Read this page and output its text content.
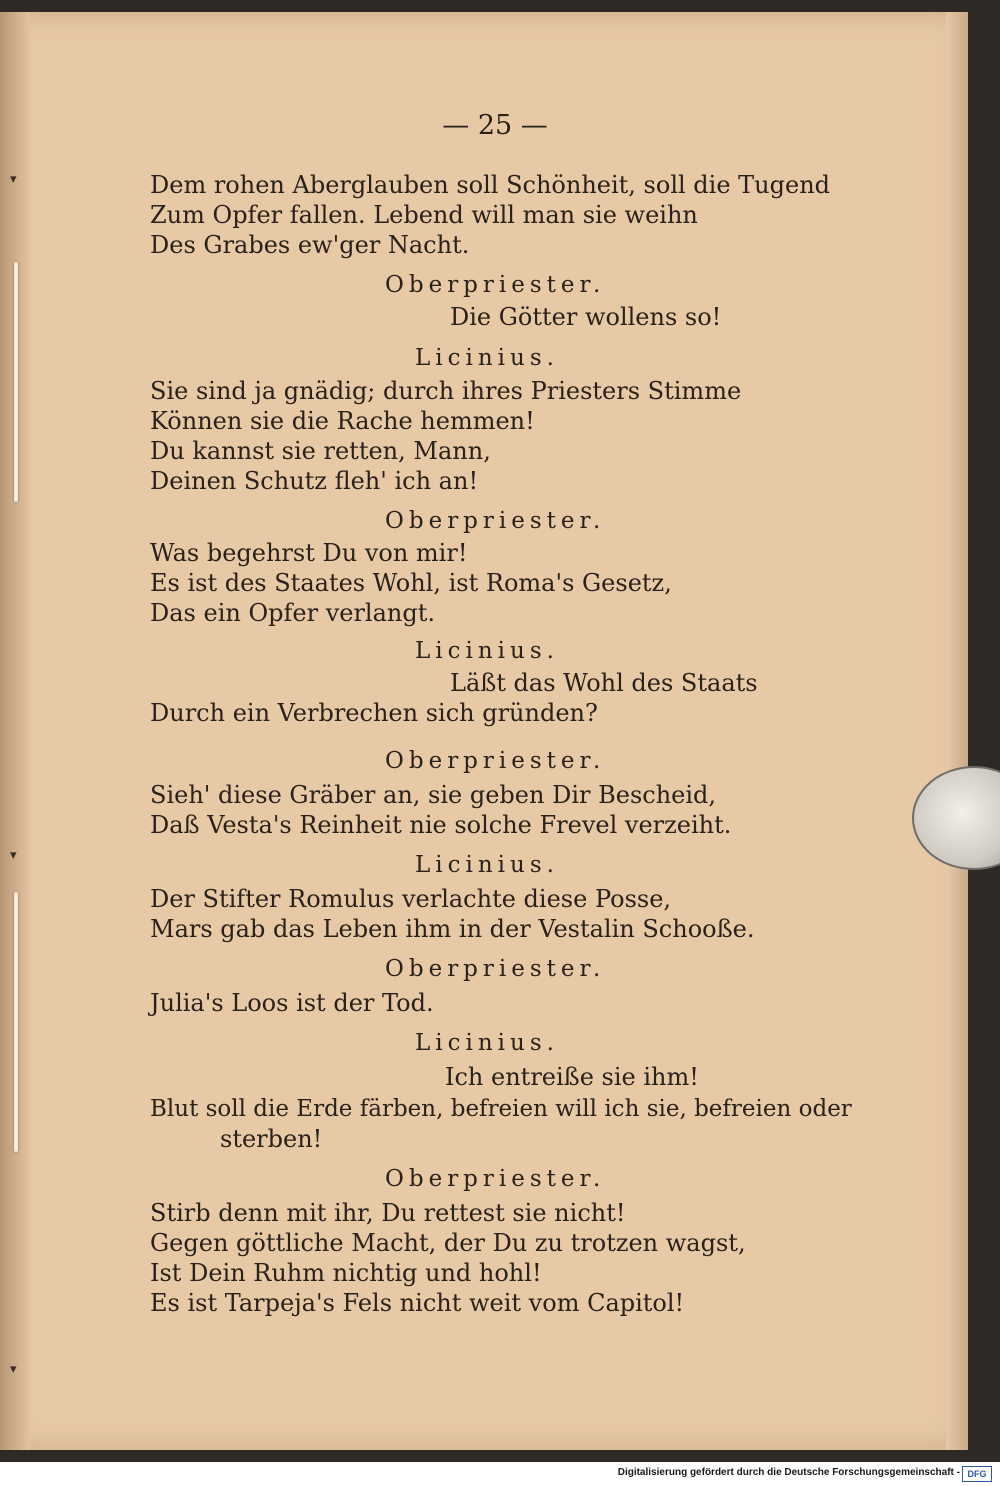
▾
▾
▾
— 25 —
Dem rohen Aberglauben soll Schönheit, soll die Tugend
Zum Opfer fallen. Lebend will man sie weihn
Des Grabes ew'ger Nacht.
Oberpriester.
Die Götter wollens so!
Licinius.
Sie sind ja gnädig; durch ihres Priesters Stimme
Können sie die Rache hemmen!
Du kannst sie retten, Mann,
Deinen Schutz fleh' ich an!
Oberpriester.
Was begehrst Du von mir!
Es ist des Staates Wohl, ist Roma's Gesetz,
Das ein Opfer verlangt.
Licinius.
Läßt das Wohl des Staats
Durch ein Verbrechen sich gründen?
Oberpriester.
Sieh' diese Gräber an, sie geben Dir Bescheid,
Daß Vesta's Reinheit nie solche Frevel verzeiht.
Licinius.
Der Stifter Romulus verlachte diese Posse,
Mars gab das Leben ihm in der Vestalin Schooße.
Oberpriester.
Julia's Loos ist der Tod.
Licinius.
Ich entreiße sie ihm!
Blut soll die Erde färben, befreien will ich sie, befreien oder
sterben!
Oberpriester.
Stirb denn mit ihr, Du rettest sie nicht!
Gegen göttliche Macht, der Du zu trotzen wagst,
Ist Dein Ruhm nichtig und hohl!
Es ist Tarpeja's Fels nicht weit vom Capitol!
Digitalisierung gefördert durch die Deutsche Forschungsgemeinschaft - DFG
